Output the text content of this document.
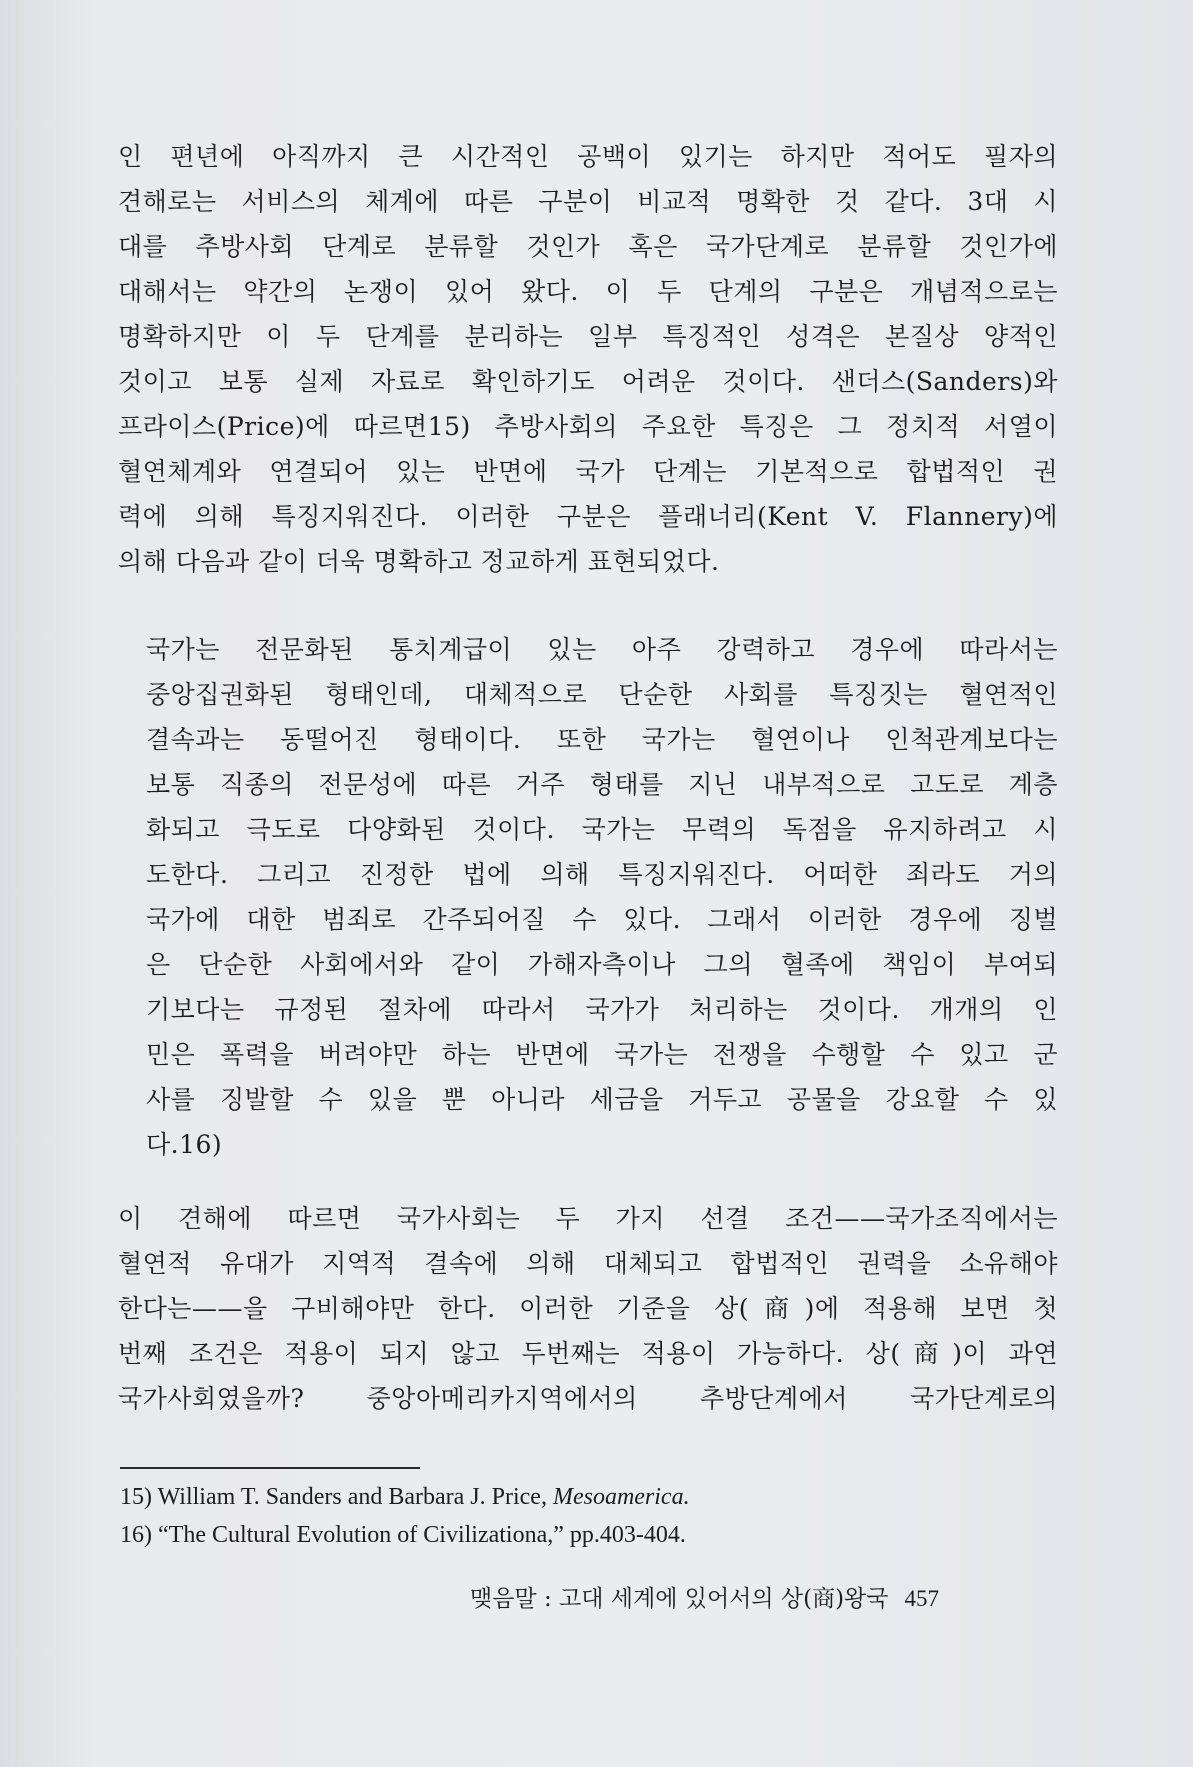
인 편년에 아직까지 큰 시간적인 공백이 있기는 하지만 적어도 필자의
견해로는 서비스의 체계에 따른 구분이 비교적 명확한 것 같다. 3대 시
대를 추방사회 단계로 분류할 것인가 혹은 국가단계로 분류할 것인가에
대해서는 약간의 논쟁이 있어 왔다. 이 두 단계의 구분은 개념적으로는
명확하지만 이 두 단계를 분리하는 일부 특징적인 성격은 본질상 양적인
것이고 보통 실제 자료로 확인하기도 어려운 것이다. 샌더스(Sanders)와
프라이스(Price)에 따르면15) 추방사회의 주요한 특징은 그 정치적 서열이
혈연체계와 연결되어 있는 반면에 국가 단계는 기본적으로 합법적인 권
력에 의해 특징지워진다. 이러한 구분은 플래너리(Kent V. Flannery)에
의해 다음과 같이 더욱 명확하고 정교하게 표현되었다.
국가는 전문화된 통치계급이 있는 아주 강력하고 경우에 따라서는
중앙집권화된 형태인데, 대체적으로 단순한 사회를 특징짓는 혈연적인
결속과는 동떨어진 형태이다. 또한 국가는 혈연이나 인척관계보다는
보통 직종의 전문성에 따른 거주 형태를 지닌 내부적으로 고도로 계층
화되고 극도로 다양화된 것이다. 국가는 무력의 독점을 유지하려고 시
도한다. 그리고 진정한 법에 의해 특징지워진다. 어떠한 죄라도 거의
국가에 대한 범죄로 간주되어질 수 있다. 그래서 이러한 경우에 징벌
은 단순한 사회에서와 같이 가해자측이나 그의 혈족에 책임이 부여되
기보다는 규정된 절차에 따라서 국가가 처리하는 것이다. 개개의 인
민은 폭력을 버려야만 하는 반면에 국가는 전쟁을 수행할 수 있고 군
사를 징발할 수 있을 뿐 아니라 세금을 거두고 공물을 강요할 수 있
다.16)
이 견해에 따르면 국가사회는 두 가지 선결 조건——국가조직에서는
혈연적 유대가 지역적 결속에 의해 대체되고 합법적인 권력을 소유해야
한다는——을 구비해야만 한다. 이러한 기준을 상(商)에 적용해 보면 첫
번째 조건은 적용이 되지 않고 두번째는 적용이 가능하다. 상(商)이 과연
국가사회였을까? 중앙아메리카지역에서의 추방단계에서 국가단계로의
15) William T. Sanders and Barbara J. Price, Mesoamerica.
16) “The Cultural Evolution of Civilizationa,” pp.403-404.
맺음말 : 고대 세계에 있어서의 상(商)왕국 457
